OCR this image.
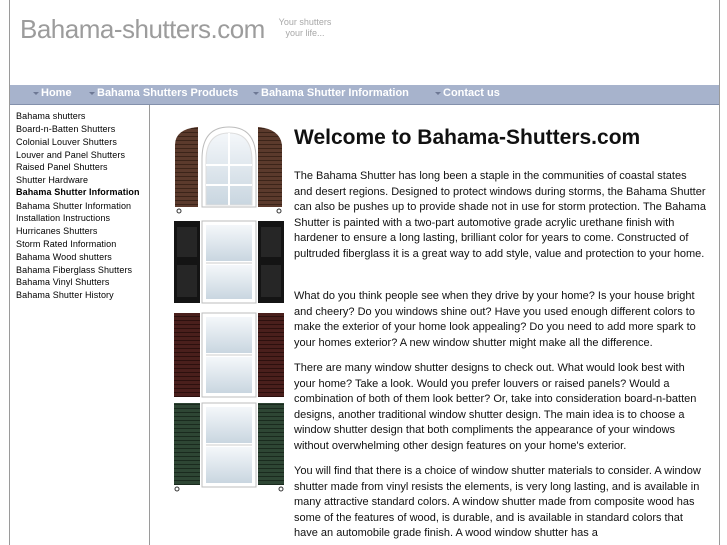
Bahama-shutters.com	Your shutters
your life...
Home	Bahama Shutters Products	Bahama Shutter Information	Contact us
Bahama shutters
Board-n-Batten Shutters
Colonial Louver Shutters
Louver and Panel Shutters
Raised Panel Shutters
Shutter Hardware
Bahama Shutter Information
Bahama Shutter Information
Installation Instructions
Hurricanes Shutters
Storm Rated Information
Bahama Wood shutters
Bahama Fiberglass Shutters
Bahama Vinyl Shutters
Bahama Shutter History
Welcome to Bahama-Shutters.com

The Bahama Shutter has long been a staple in the communities of coastal states and desert regions. Designed to protect windows during storms, the Bahama Shutter can also be pushes up to provide shade not in use for storm protection. The Bahama Shutter is painted with a two-part automotive grade acrylic urethane finish with hardener to ensure a long lasting, brilliant color for years to come. Constructed of pultruded fiberglass it is a great way to add style, value and protection to your home.

What do you think people see when they drive by your home? Is your house bright and cheery? Do you windows shine out? Have you used enough different colors to make the exterior of your home look appealing? Do you need to add more spark to your homes exterior? A new window shutter might make all the difference.

There are many window shutter designs to check out. What would look best with your home? Take a look. Would you prefer louvers or raised panels? Would a combination of both of them look better? Or, take into consideration board-n-batten designs, another traditional window shutter design. The main idea is to choose a window shutter design that both compliments the appearance of your windows without overwhelming other design features on your home's exterior.

You will find that there is a choice of window shutter materials to consider. A window shutter made from vinyl resists the elements, is very long lasting, and is available in many attractive standard colors. A window shutter made from composite wood has some of the features of wood, is durable, and is available in standard colors that have an automobile grade finish. A wood window shutter has a
